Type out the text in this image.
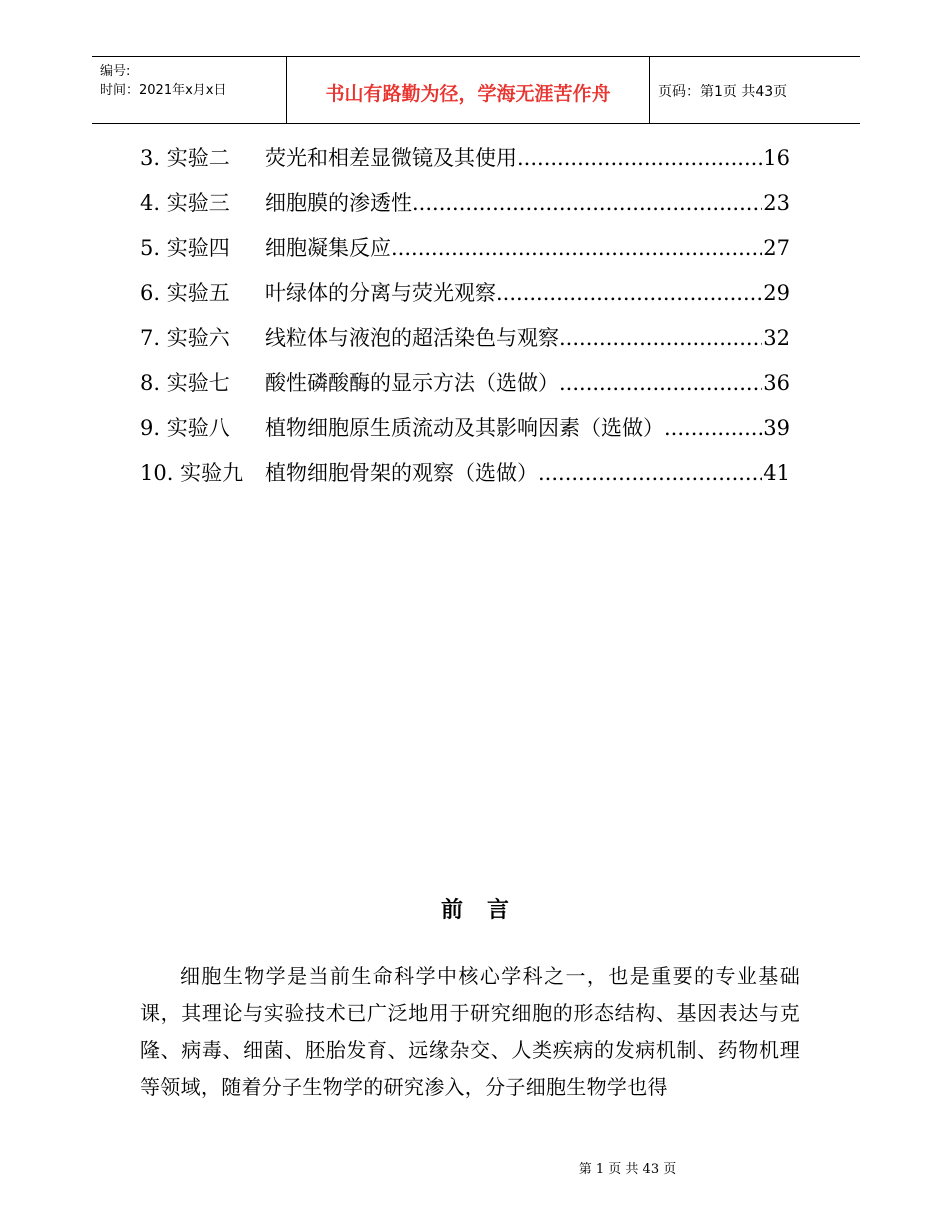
编号:
时间：2021年x月x日	书山有路勤为径，学海无涯苦作舟	页码：第1页 共43页
3. 实验二	荧光和相差显微镜及其使用 .....	16
4. 实验三	细胞膜的渗透性 .....	23
5. 实验四	细胞凝集反应 .....	27
6. 实验五	叶绿体的分离与荧光观察 .....	29
7. 实验六	线粒体与液泡的超活染色与观察 .....	32
8. 实验七	酸性磷酸酶的显示方法（选做） .....	36
9. 实验八	植物细胞原生质流动及其影响因素（选做） .....	39
10. 实验九	植物细胞骨架的观察（选做） .....	41
前言
细胞生物学是当前生命科学中核心学科之一，也是重要的专业基础课，其理论与实验技术已广泛地用于研究细胞的形态结构、基因表达与克隆、病毒、细菌、胚胎发育、远缘杂交、人类疾病的发病机制、药物机理等领域，随着分子生物学的研究渗入，分子细胞生物学也得
第 1 页 共 43 页
